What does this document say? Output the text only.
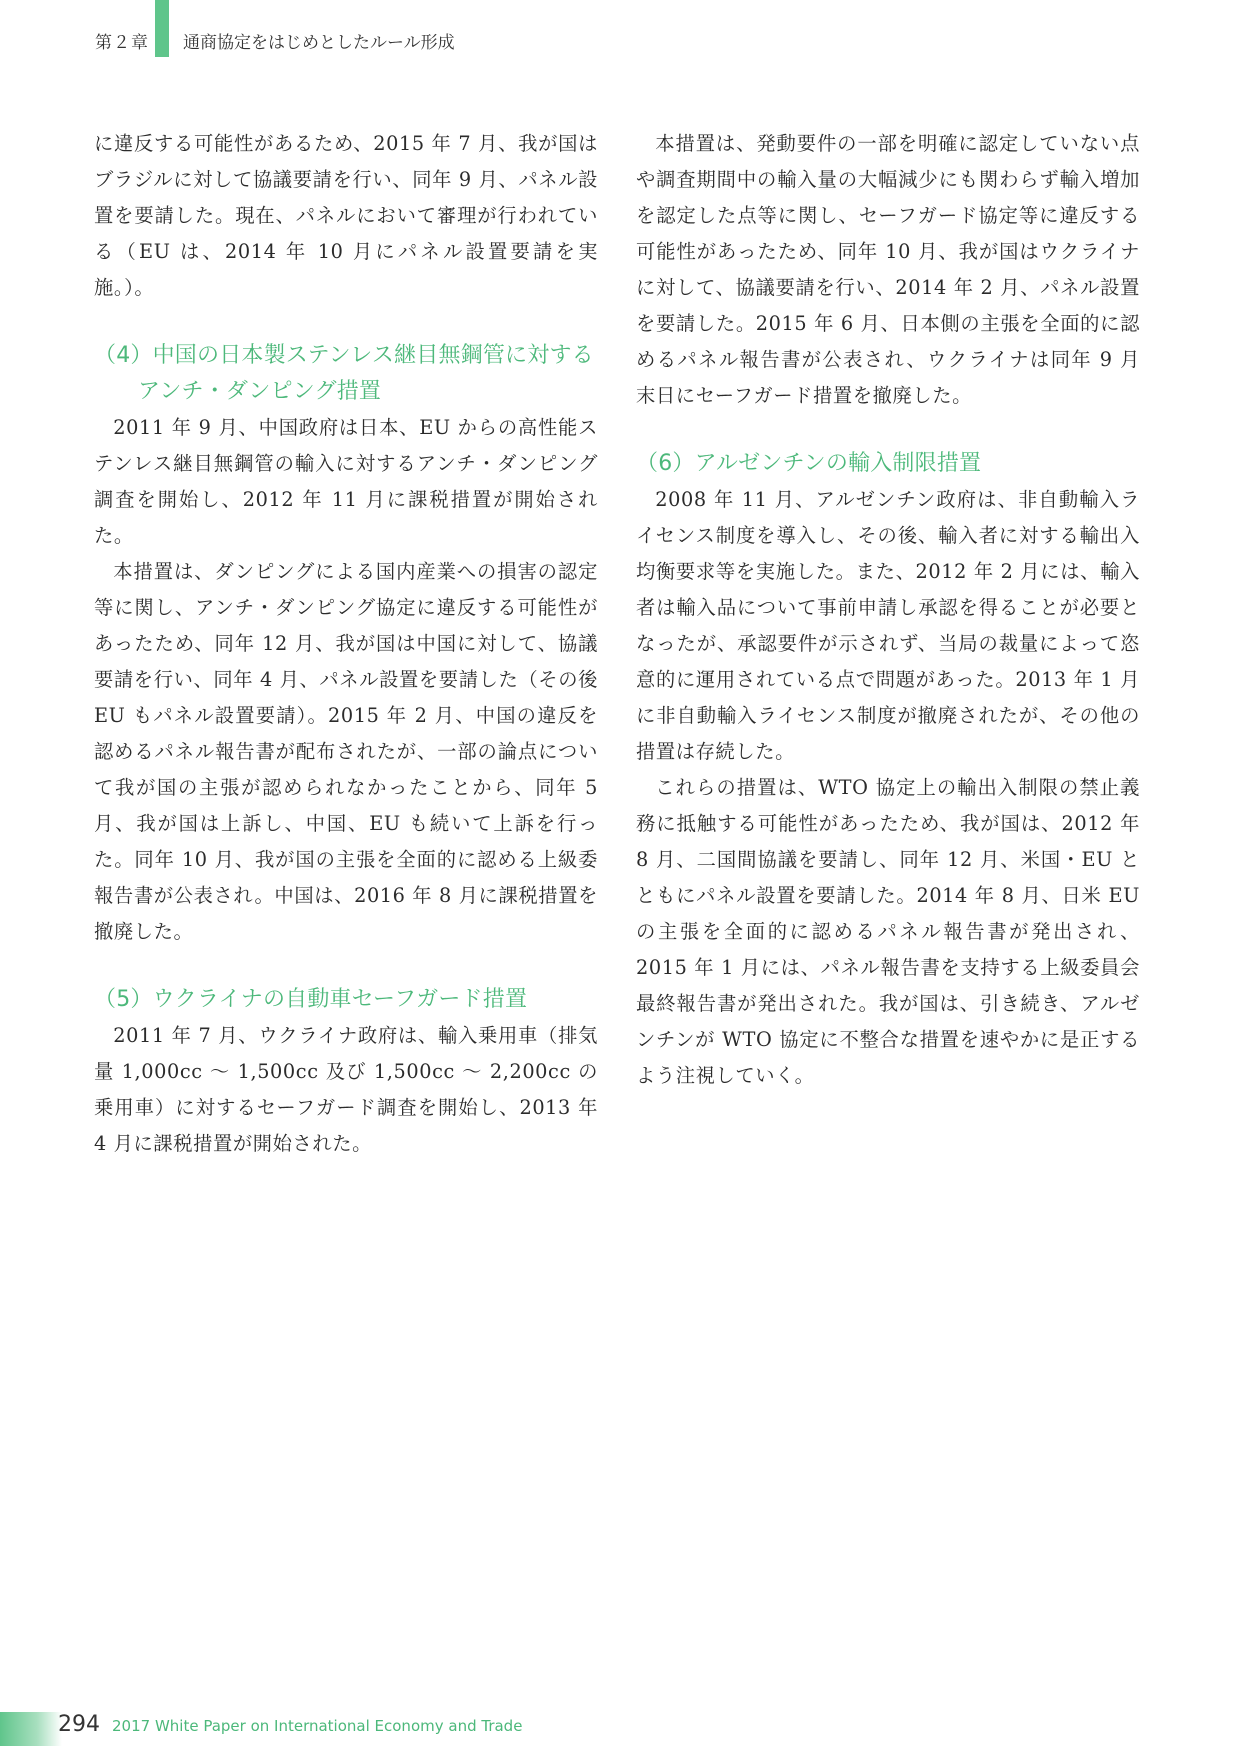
第２章 通商協定をはじめとしたルール形成

に違反する可能性があるため、2015 年 7 月、我が国はブラジルに対して協議要請を行い、同年 9 月、パネル設置を要請した。現在、パネルにおいて審理が行われている（EU は、2014 年 10 月にパネル設置要請を実施。）。

（4）中国の日本製ステンレス継目無鋼管に対するアンチ・ダンピング措置

2011 年 9 月、中国政府は日本、EU からの高性能ステンレス継目無鋼管の輸入に対するアンチ・ダンピング調査を開始し、2012 年 11 月に課税措置が開始された。

本措置は、ダンピングによる国内産業への損害の認定等に関し、アンチ・ダンピング協定に違反する可能性があったため、同年 12 月、我が国は中国に対して、協議要請を行い、同年 4 月、パネル設置を要請した（その後 EU もパネル設置要請）。2015 年 2 月、中国の違反を認めるパネル報告書が配布されたが、一部の論点について我が国の主張が認められなかったことから、同年 5 月、我が国は上訴し、中国、EU も続いて上訴を行った。同年 10 月、我が国の主張を全面的に認める上級委報告書が公表され。中国は、2016 年 8 月に課税措置を撤廃した。

（5）ウクライナの自動車セーフガード措置

2011 年 7 月、ウクライナ政府は、輸入乗用車（排気量 1,000cc ～ 1,500cc 及び 1,500cc ～ 2,200cc の乗用車）に対するセーフガード調査を開始し、2013 年 4 月に課税措置が開始された。

本措置は、発動要件の一部を明確に認定していない点や調査期間中の輸入量の大幅減少にも関わらず輸入増加を認定した点等に関し、セーフガード協定等に違反する可能性があったため、同年 10 月、我が国はウクライナに対して、協議要請を行い、2014 年 2 月、パネル設置を要請した。2015 年 6 月、日本側の主張を全面的に認めるパネル報告書が公表され、ウクライナは同年 9 月末日にセーフガード措置を撤廃した。

（6）アルゼンチンの輸入制限措置

2008 年 11 月、アルゼンチン政府は、非自動輸入ライセンス制度を導入し、その後、輸入者に対する輸出入均衡要求等を実施した。また、2012 年 2 月には、輸入者は輸入品について事前申請し承認を得ることが必要となったが、承認要件が示されず、当局の裁量によって恣意的に運用されている点で問題があった。2013 年 1 月に非自動輸入ライセンス制度が撤廃されたが、その他の措置は存続した。

これらの措置は、WTO 協定上の輸出入制限の禁止義務に抵触する可能性があったため、我が国は、2012 年 8 月、二国間協議を要請し、同年 12 月、米国・EU とともにパネル設置を要請した。2014 年 8 月、日米 EU の主張を全面的に認めるパネル報告書が発出され、2015 年 1 月には、パネル報告書を支持する上級委員会最終報告書が発出された。我が国は、引き続き、アルゼンチンが WTO 協定に不整合な措置を速やかに是正するよう注視していく。

294 2017 White Paper on International Economy and Trade
